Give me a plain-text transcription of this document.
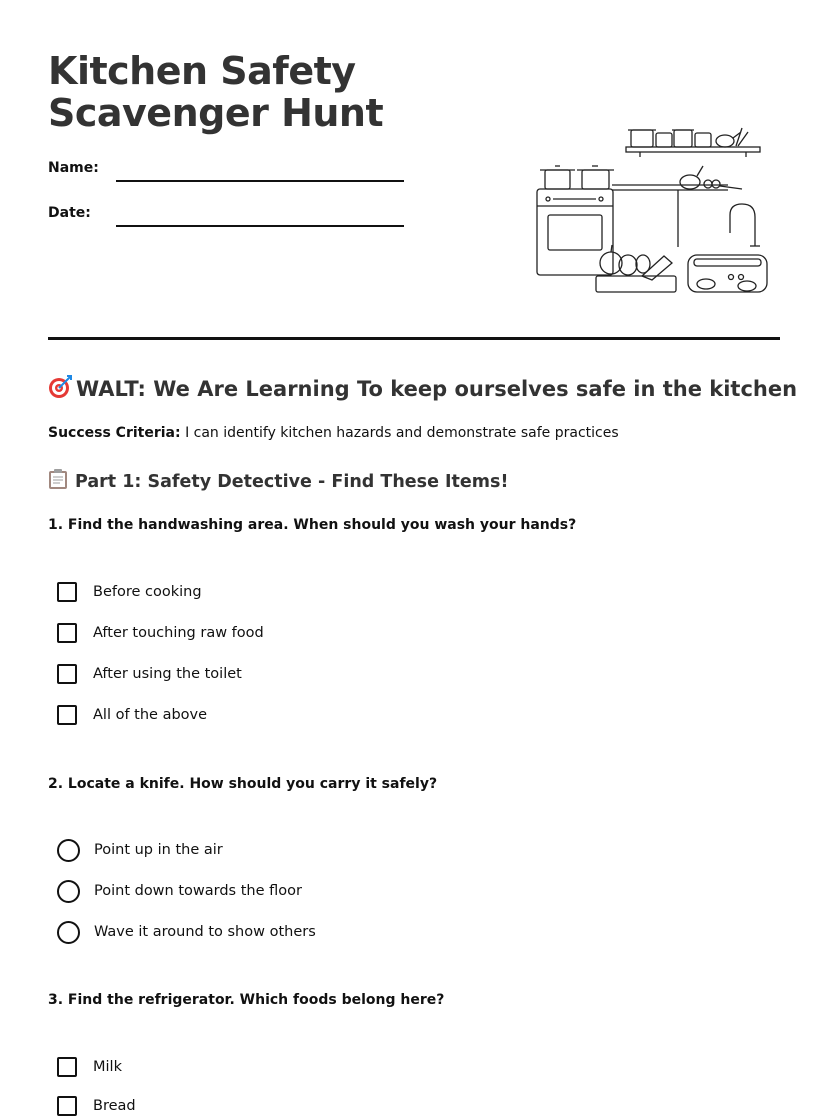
Kitchen Safety
Scavenger Hunt
Name:
Date:
WALT: We Are Learning To keep ourselves safe in the kitchen
Success Criteria: I can identify kitchen hazards and demonstrate safe practices
Part 1: Safety Detective - Find These Items!
1. Find the handwashing area. When should you wash your hands?
Before cooking
After touching raw food
After using the toilet
All of the above
2. Locate a knife. How should you carry it safely?
Point up in the air
Point down towards the floor
Wave it around to show others
3. Find the refrigerator. Which foods belong here?
Milk
Bread
